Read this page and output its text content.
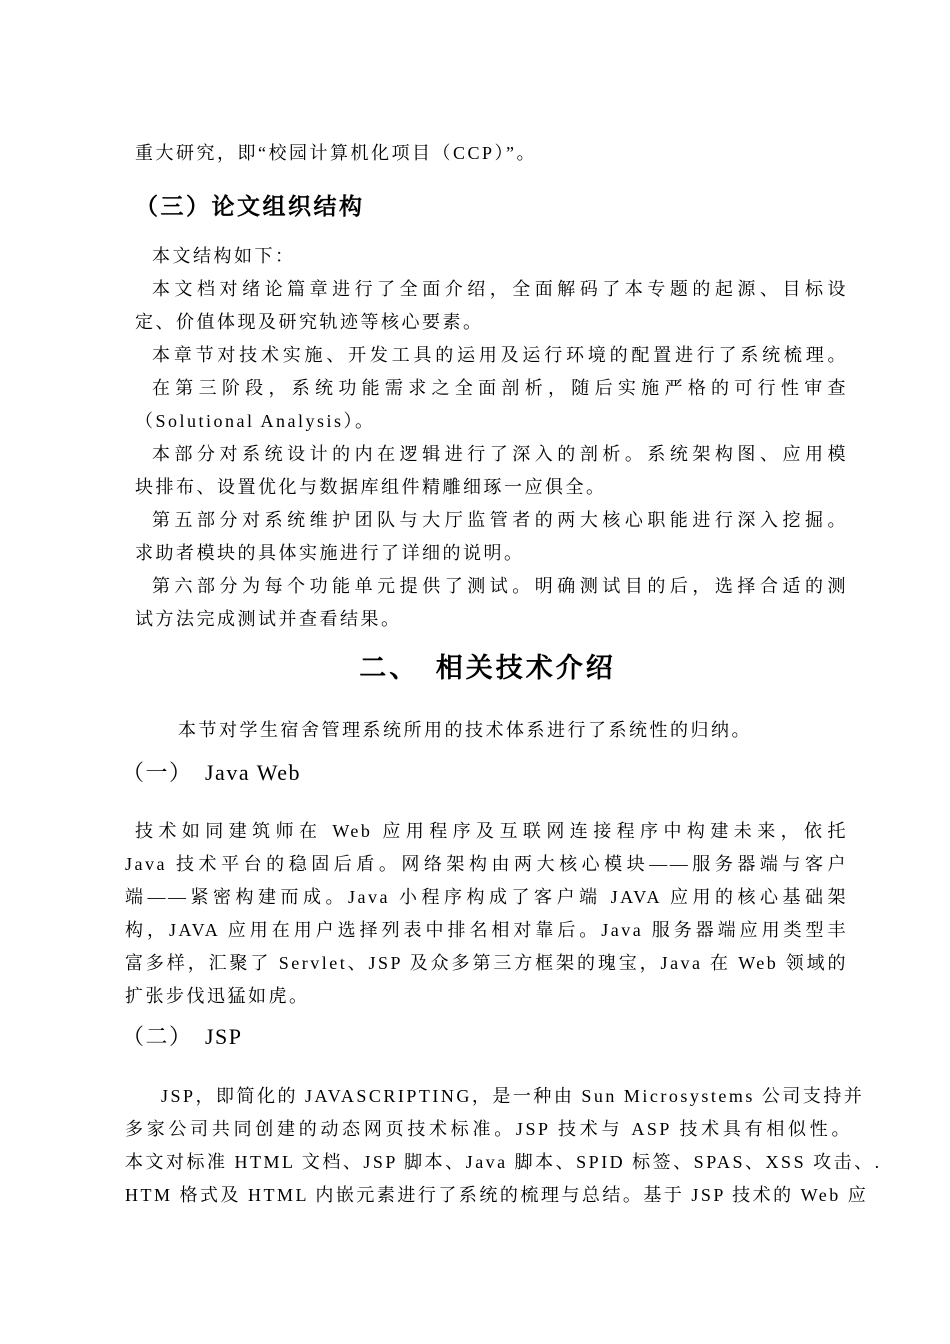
重大研究，即“校园计算机化项目（CCP）”。
（三）论文组织结构
本文结构如下：
本文档对绪论篇章进行了全面介绍，全面解码了本专题的起源、目标设
定、价值体现及研究轨迹等核心要素。
本章节对技术实施、开发工具的运用及运行环境的配置进行了系统梳理。
在第三阶段，系统功能需求之全面剖析，随后实施严格的可行性审查
（Solutional Analysis）。
本部分对系统设计的内在逻辑进行了深入的剖析。系统架构图、应用模
块排布、设置优化与数据库组件精雕细琢一应俱全。
第五部分对系统维护团队与大厅监管者的两大核心职能进行深入挖掘。
求助者模块的具体实施进行了详细的说明。
第六部分为每个功能单元提供了测试。明确测试目的后，选择合适的测
试方法完成测试并查看结果。
二、　相关技术介绍
本节对学生宿舍管理系统所用的技术体系进行了系统性的归纳。
（一）　Java Web
技术如同建筑师在 Web 应用程序及互联网连接程序中构建未来，依托
Java 技术平台的稳固后盾。网络架构由两大核心模块——服务器端与客户
端——紧密构建而成。Java 小程序构成了客户端 JAVA 应用的核心基础架
构，JAVA 应用在用户选择列表中排名相对靠后。Java 服务器端应用类型丰
富多样，汇聚了 Servlet、JSP 及众多第三方框架的瑰宝，Java 在 Web 领域的
扩张步伐迅猛如虎。
（二）　JSP
JSP，即简化的 JAVASCRIPTING，是一种由 Sun Microsystems 公司支持并
多家公司共同创建的动态网页技术标准。JSP 技术与 ASP 技术具有相似性。
本文对标准 HTML 文档、JSP 脚本、Java 脚本、SPID 标签、SPAS、XSS 攻击、.
HTM 格式及 HTML 内嵌元素进行了系统的梳理与总结。基于 JSP 技术的 Web 应
